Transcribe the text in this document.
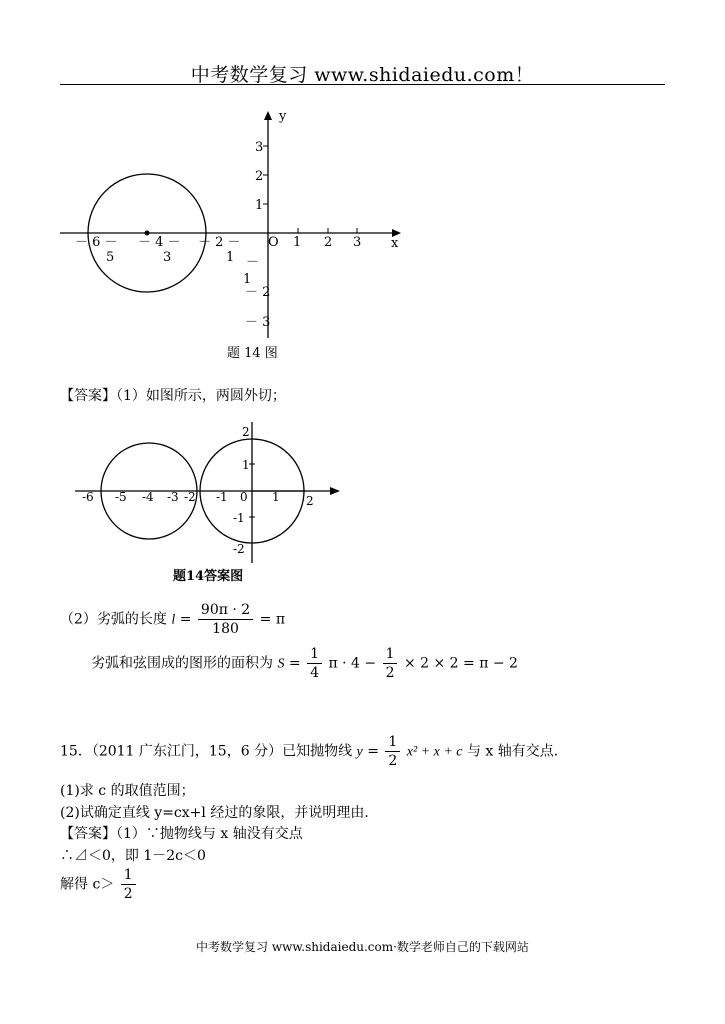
中考数学复习 www.shidaiedu.com！
y
x
O
3
2
1
－
1
－ 2
－ 3
1 2 3
－ 6 － － 4 － － 2 －
5	3	1
题 14 图
【答案】（1）如图所示，两圆外切；
-6 -5 -4 -3 -2 -1 0 1 2
2
1
-1
-2
题14答案图
（2）劣弧的长度 $l = \frac{90\pi \cdot 2}{180} = \pi$
劣弧和弦围成的图形的面积为 $S = \frac{1}{4}$ $\pi \cdot 4 - \frac{1}{2} \times 2 \times 2 = \pi - 2$
15．（2011 广东江门，15，6 分）已知抛物线 $y = \frac{1}{2} x^2 + x + c$ 与 x 轴有交点．
(1)求 c 的取值范围；
(2)试确定直线 y=cx+l 经过的象限，并说明理由．
【答案】（1）∵抛物线与 x 轴没有交点
∴⊿＜0，即 1－2c＜0
解得 $c> \frac{1}{2}$
中考数学复习 www.shidaiedu.com·数学老师自己的下载网站
